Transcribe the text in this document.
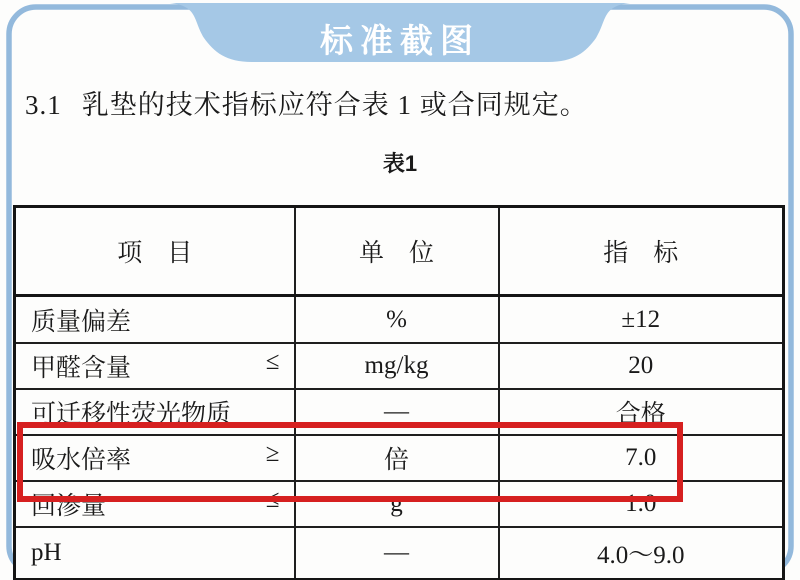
标准截图
3.1 乳垫的技术指标应符合表 1 或合同规定。
表1
项　目	单　位	指　标
质量偏差	%	±12
甲醛含量 ≤	mg/kg	20
可迁移性荧光物质	—	合格
吸水倍率 ≥	倍	7.0
回渗量 ≤	g	1.0
pH	—	4.0～9.0
